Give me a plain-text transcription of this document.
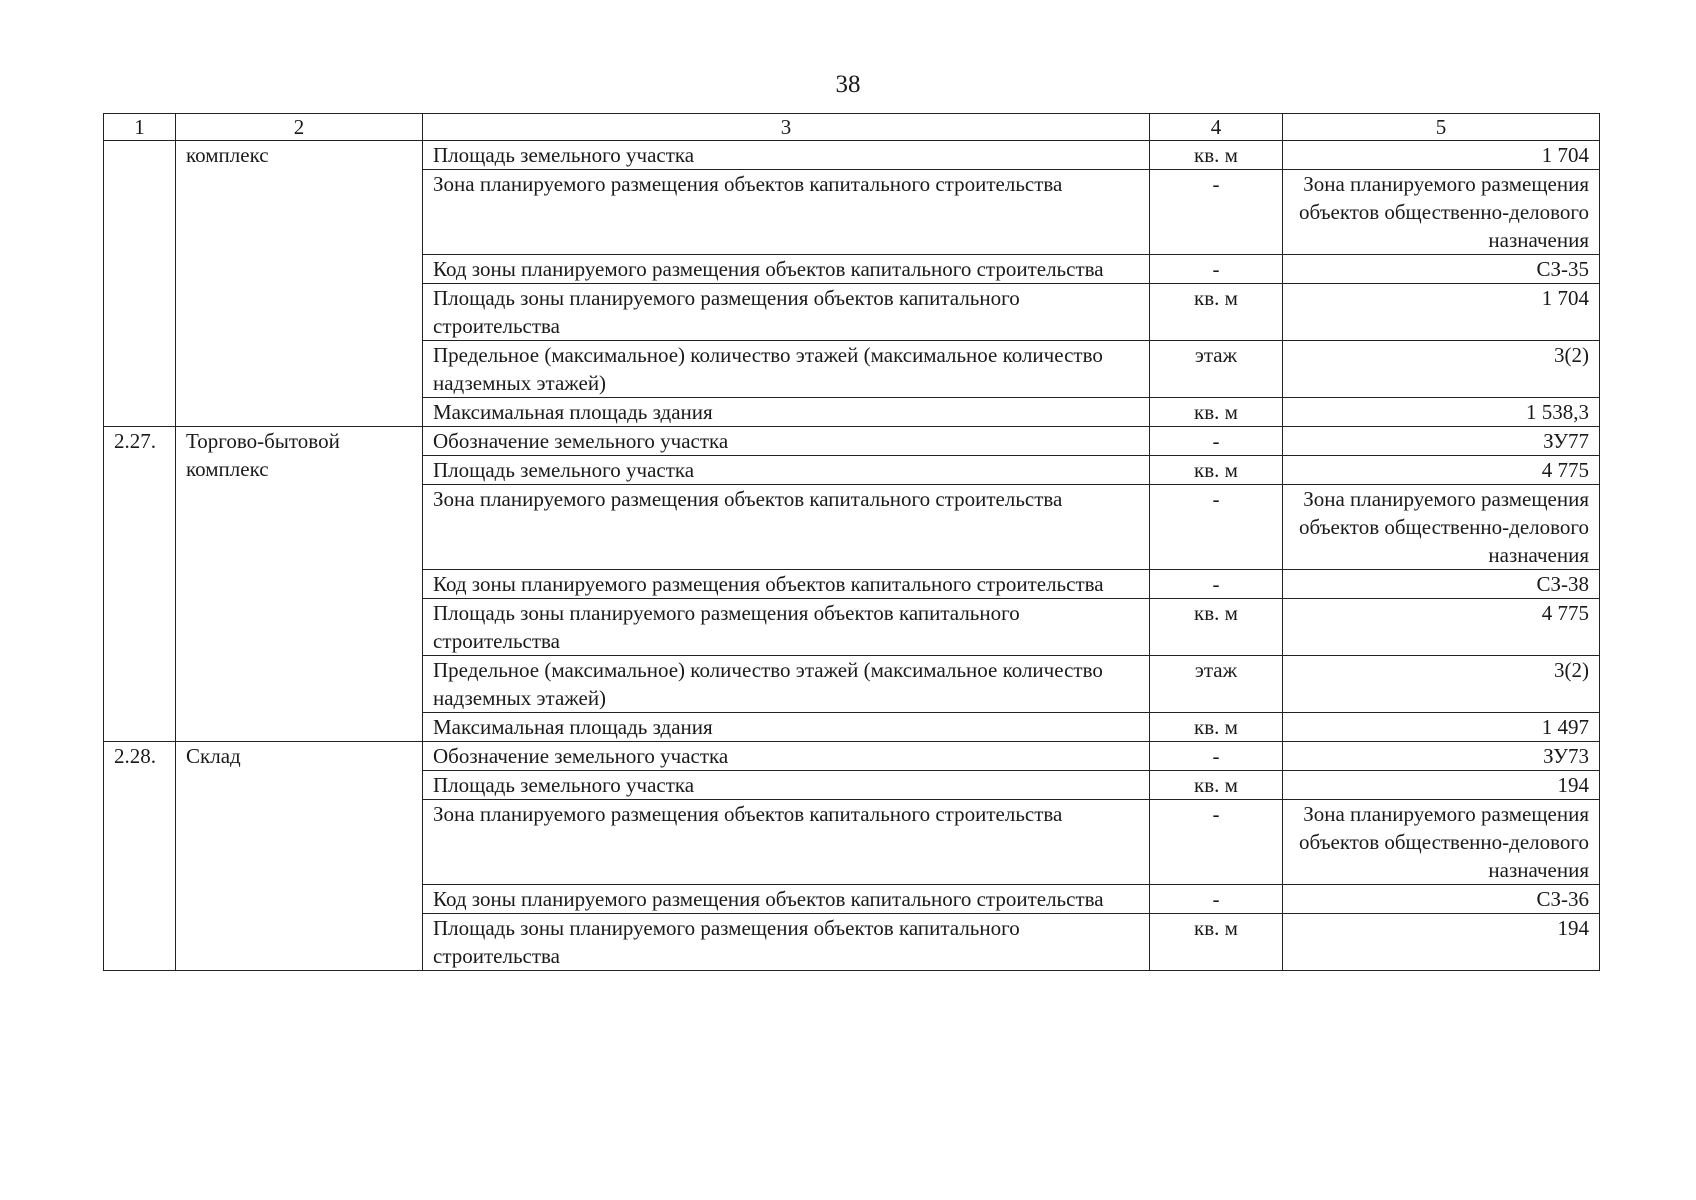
38
1	2	3	4	5
	комплекс	Площадь земельного участка	кв. м	1 704
		Зона планируемого размещения объектов капитального строительства	-	Зона планируемого размещения объектов общественно-делового назначения
		Код зоны планируемого размещения объектов капитального строительства	-	СЗ-35
		Площадь зоны планируемого размещения объектов капитального строительства	кв. м	1 704
		Предельное (максимальное) количество этажей (максимальное количество надземных этажей)	этаж	3(2)
		Максимальная площадь здания	кв. м	1 538,3
2.27.	Торгово-бытовой комплекс	Обозначение земельного участка	-	ЗУ77
		Площадь земельного участка	кв. м	4 775
		Зона планируемого размещения объектов капитального строительства	-	Зона планируемого размещения объектов общественно-делового назначения
		Код зоны планируемого размещения объектов капитального строительства	-	СЗ-38
		Площадь зоны планируемого размещения объектов капитального строительства	кв. м	4 775
		Предельное (максимальное) количество этажей (максимальное количество надземных этажей)	этаж	3(2)
		Максимальная площадь здания	кв. м	1 497
2.28.	Склад	Обозначение земельного участка	-	ЗУ73
		Площадь земельного участка	кв. м	194
		Зона планируемого размещения объектов капитального строительства	-	Зона планируемого размещения объектов общественно-делового назначения
		Код зоны планируемого размещения объектов капитального строительства	-	СЗ-36
		Площадь зоны планируемого размещения объектов капитального строительства	кв. м	194
